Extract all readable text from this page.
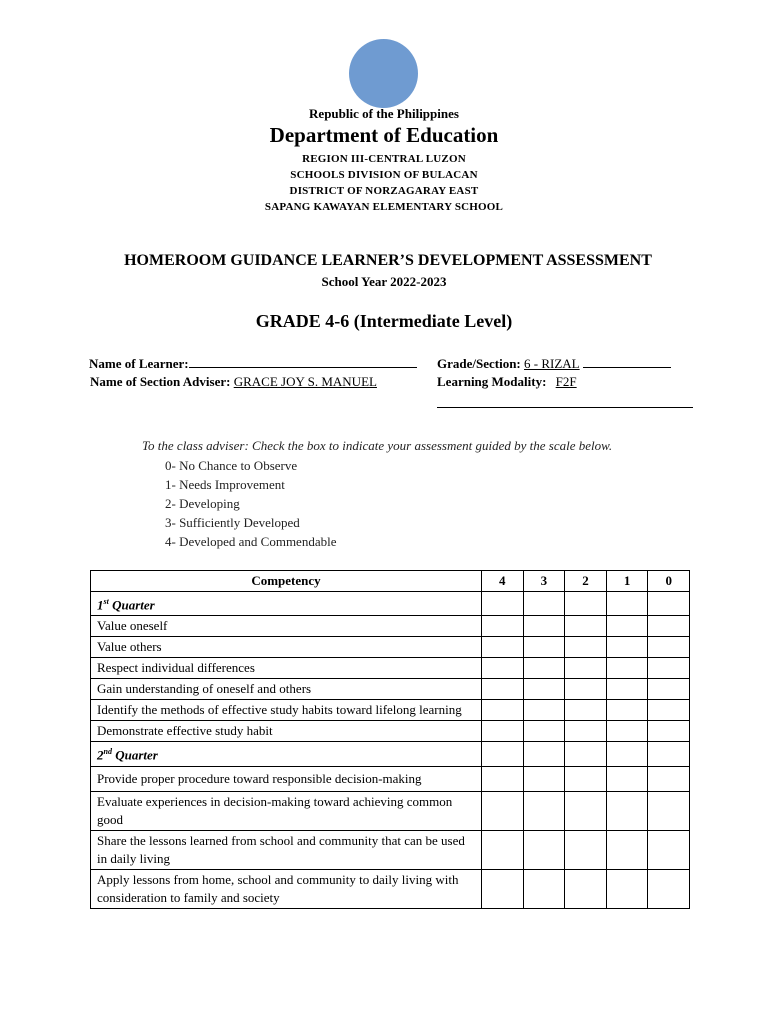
Republic of the Philippines
Department of Education
REGION III-CENTRAL LUZON
SCHOOLS DIVISION OF BULACAN
DISTRICT OF NORZAGARAY EAST
SAPANG KAWAYAN ELEMENTARY SCHOOL
HOMEROOM GUIDANCE LEARNER’S DEVELOPMENT ASSESSMENT
School Year 2022-2023
GRADE 4-6 (Intermediate Level)
Name of Learner:	Grade/Section: 6 - RIZAL
Name of Section Adviser: GRACE JOY S. MANUEL	Learning Modality: F2F
To the class adviser: Check the box to indicate your assessment guided by the scale below.
0- No Chance to Observe
1- Needs Improvement
2- Developing
3- Sufficiently Developed
4- Developed and Commendable
Competency	4	3	2	1	0
1st Quarter					
Value oneself					
Value others					
Respect individual differences					
Gain understanding of oneself and others					
Identify the methods of effective study habits toward lifelong learning					
Demonstrate effective study habit					
2nd Quarter					
Provide proper procedure toward responsible decision-making					
Evaluate experiences in decision-making toward achieving common good					
Share the lessons learned from school and community that can be used in daily living					
Apply lessons from home, school and community to daily living with consideration to family and society					
